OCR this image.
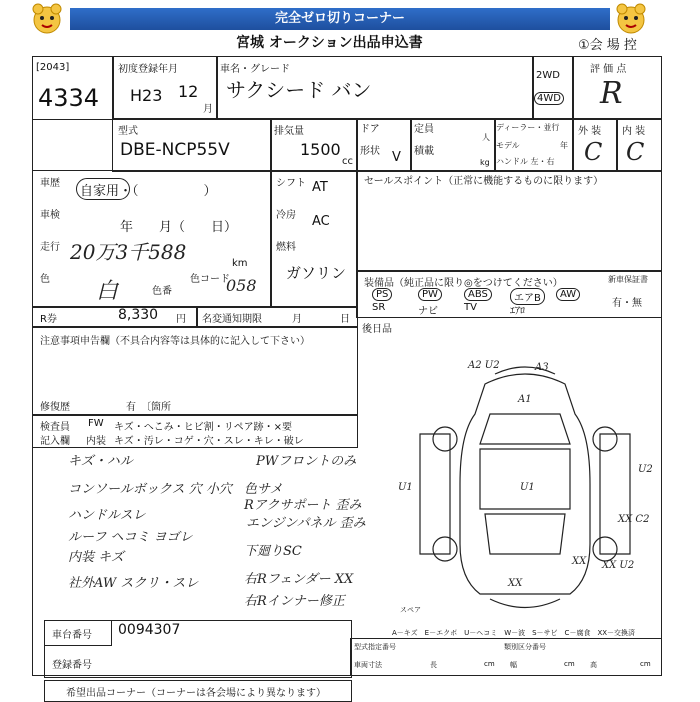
完全ゼロ切りコーナー
宮城 オークション出品申込書	①会 場 控
[2043]
4334
初度登録年月
H23 12
月
車名・グレード
サクシード バン
2WD
4WD
評 価 点
R
型式
DBE-NCP55V
排気量
1500
cc
ドア
形状 V
定員
積載
人
kg
ディーラー・並行
モデル	年
ハンドル 左・右
外 装 内 装
C C
車歴
自家用・（　　　　　）
シフト AT
車検
年　　月（　　日）
冷房 AC
走行 20万3千588	km
燃料
ガソリン
色 白	色番
色コード
058
R券	8,330 円 名変通知期限	月	日
セールスポイント（正常に機能するものに限ります）
装備品（純正品に限り◎をつけてください）	新車保証書
有・無
PS	PW	ABS	エアB	AW
SR	ナビ	TV	ｴｱﾛ
後日品
注意事項申告欄（不具合内容等は具体的に記入して下さい）
修復歴	有　〔箇所
検査員 FW キズ・へこみ・ヒビ割・リペア跡・×要
記入欄 内装 キズ・汚レ・コゲ・穴・スレ・キレ・破レ
キズ・ハル
コンソールボックス 穴 小穴
ハンドルスレ
ルーフ ヘコミ ヨゴレ
内装 キズ
社外AW スクリ・スレ
PWフロントのみ
色サメ
Rアクサポート 歪み
エンジンパネル 歪み
下廻りSC
右Rフェンダー XX
右Rインナー修正
A2 U2	A3
A1
U1	U1
U2
XX C2
XX
XX U2
XX
スペア
A－キズ　E－エクボ　U－ヘコミ　W－波　S－サビ　C－腐食　XX－交換済
車台番号 0094307
登録番号
型式指定番号	類別区分番号
車両寸法	長	cm 幅	cm 高	cm
希望出品コーナー（コーナーは各会場により異なります）
